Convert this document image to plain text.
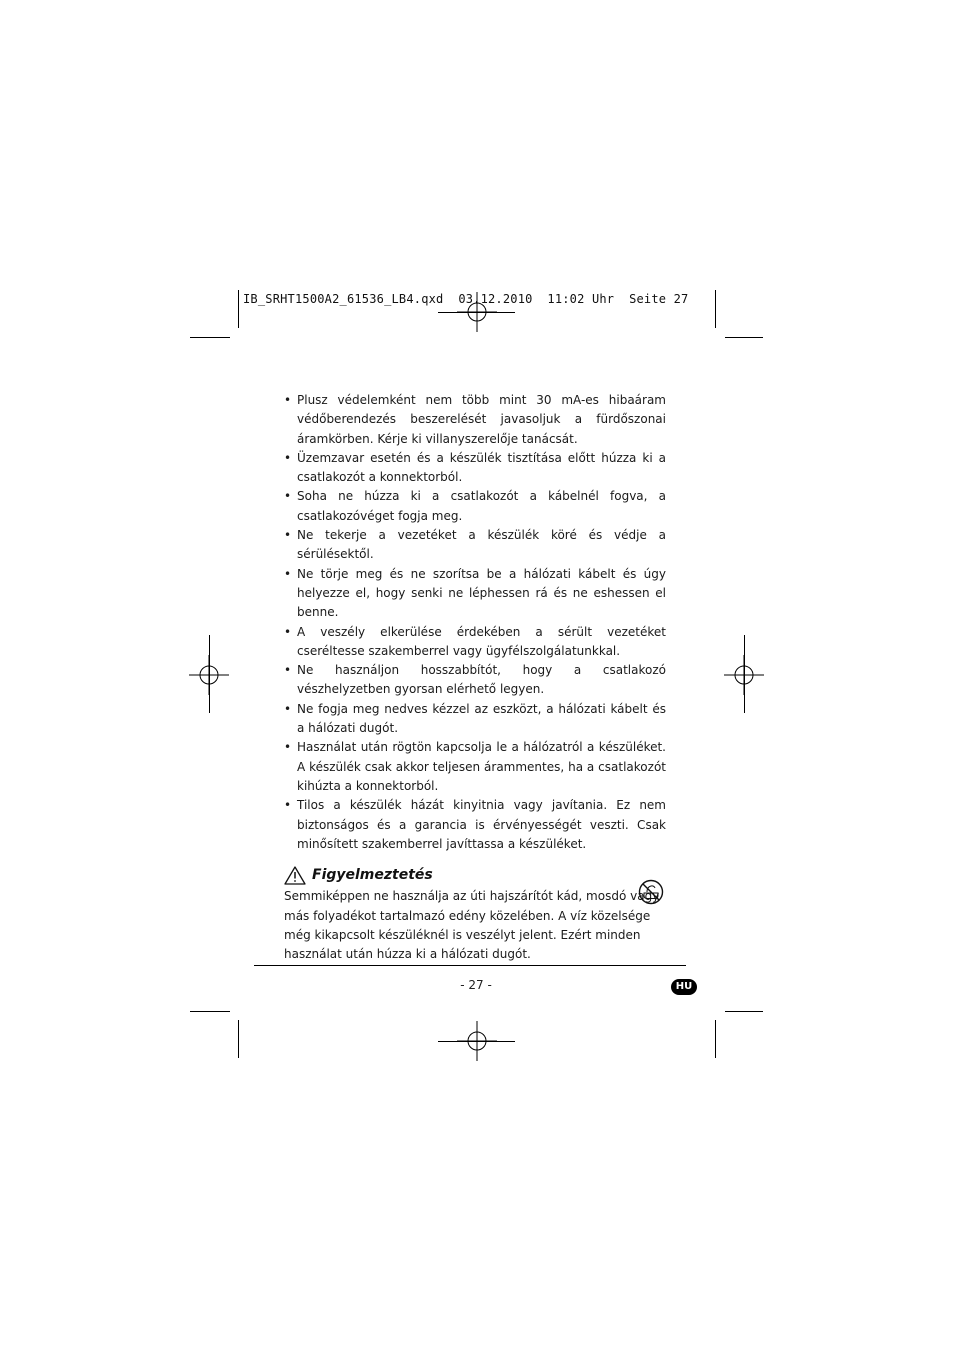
IB_SRHT1500A2_61536_LB4.qxd  03.12.2010  11:02 Uhr  Seite 27
• Plusz védelemként nem több mint 30 mA-es hibaáram védőberendezés beszerelését javasoljuk a fürdőszonai áramkörben. Kérje ki villanyszerelője tanácsát.
• Üzemzavar esetén és a készülék tisztítása előtt húzza ki a csatlakozót a konnektorból.
• Soha ne húzza ki a csatlakozót a kábelnél fogva, a csatlakozóvéget fogja meg.
• Ne tekerje a vezetéket a készülék köré és védje a sérülésektől.
• Ne törje meg és ne szorítsa be a hálózati kábelt és úgy helyezze el, hogy senki ne léphessen rá és ne eshessen el benne.
• A veszély elkerülése érdekében a sérült vezetéket cseréltesse szakemberrel vagy ügyfélszolgálatunkkal.
• Ne használjon hosszabbítót, hogy a csatlakozó vészhelyzetben gyorsan elérhető legyen.
• Ne fogja meg nedves kézzel az eszközt, a hálózati kábelt és a hálózati dugót.
• Használat után rögtön kapcsolja le a hálózatról a készüléket. A készülék csak akkor teljesen árammentes, ha a csatlakozót kihúzta a konnektorból.
• Tilos a készülék házát kinyitnia vagy javítania. Ez nem biztonságos és a garancia is érvényességét veszti. Csak minősített szakemberrel javíttassa a készüléket.
Figyelmeztetés

Semmiképpen ne használja az úti hajszárítót kád, mosdó vagy más folyadékot tartalmazó edény közelében. A víz közelsége még kikapcsolt készüléknél is veszélyt jelent. Ezért minden használat után húzza ki a hálózati dugót.

- 27 -	HU
